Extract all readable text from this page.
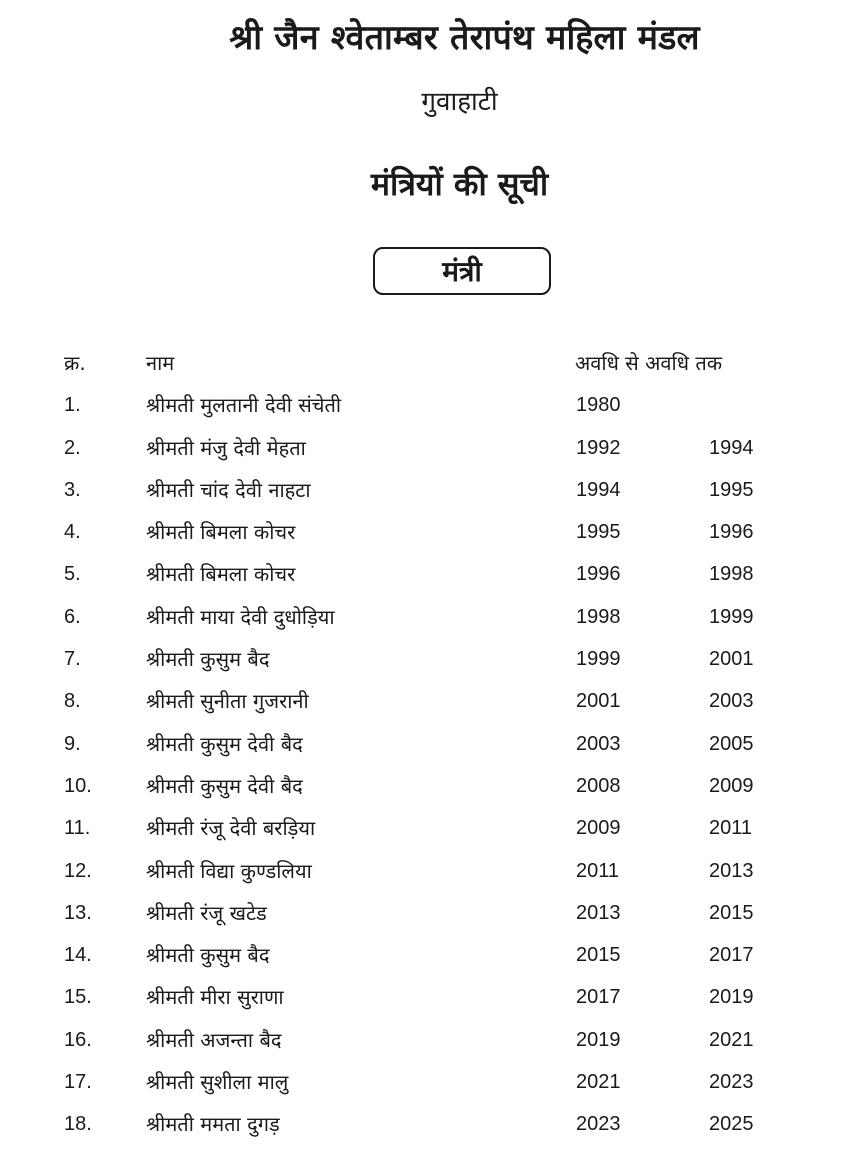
श्री जैन श्वेताम्बर तेरापंथ महिला मंडल
गुवाहाटी
मंत्रियों की सूची
मंत्री
क्र.	नाम	अवधि से अवधि तक
1.	श्रीमती मुलतानी देवी संचेती	1980
2.	श्रीमती मंजु देवी मेहता	1992	1994
3.	श्रीमती चांद देवी नाहटा	1994	1995
4.	श्रीमती बिमला कोचर	1995	1996
5.	श्रीमती बिमला कोचर	1996	1998
6.	श्रीमती माया देवी दुधोड़िया	1998	1999
7.	श्रीमती कुसुम बैद	1999	2001
8.	श्रीमती सुनीता गुजरानी	2001	2003
9.	श्रीमती कुसुम देवी बैद	2003	2005
10.	श्रीमती कुसुम देवी बैद	2008	2009
11.	श्रीमती रंजू देवी बरड़िया	2009	2011
12.	श्रीमती विद्या कुण्डलिया	2011	2013
13.	श्रीमती रंजू खटेड	2013	2015
14.	श्रीमती कुसुम बैद	2015	2017
15.	श्रीमती मीरा सुराणा	2017	2019
16.	श्रीमती अजन्ता बैद	2019	2021
17.	श्रीमती सुशीला मालु	2021	2023
18.	श्रीमती ममता दुगड़	2023	2025
